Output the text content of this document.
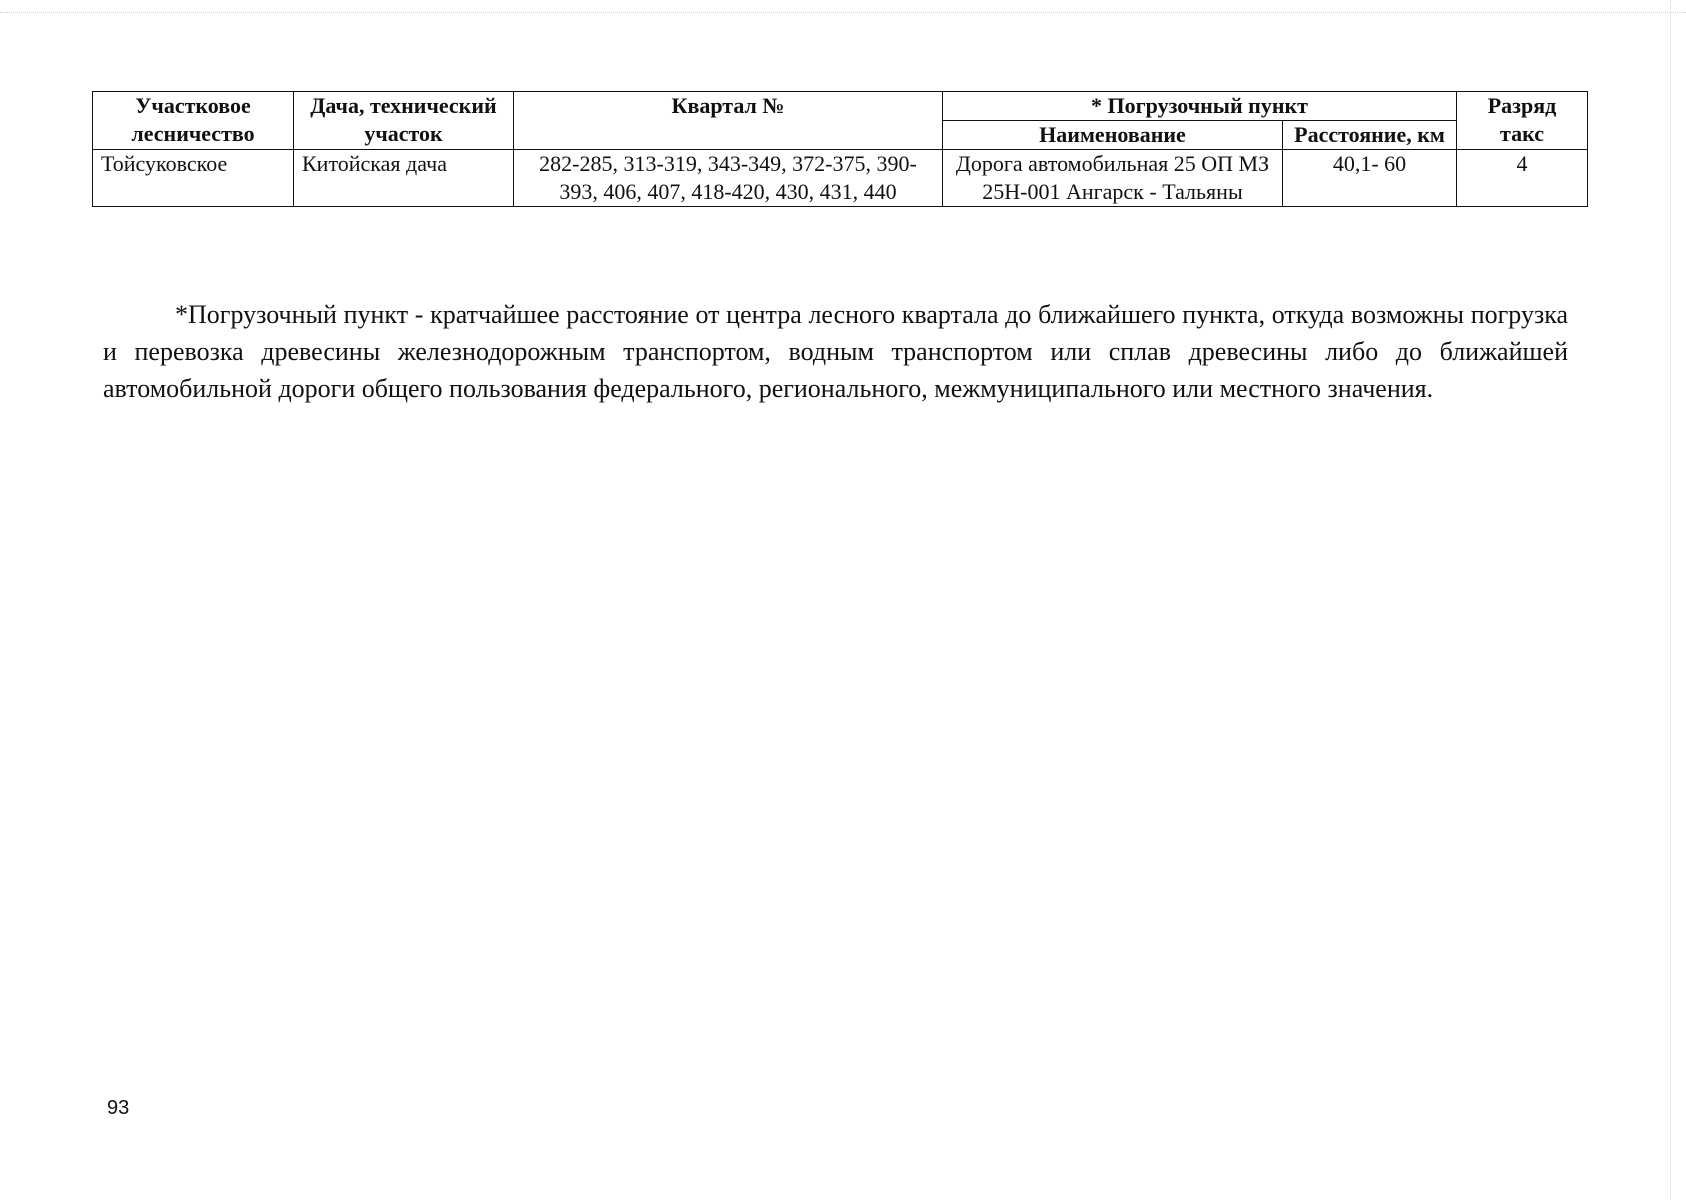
Участковое лесничество	Дача, технический участок	Квартал №	* Погрузочный пункт		Разряд такс
			Наименование	Расстояние, км	
Тойсуковское	Китойская дача	282-285, 313-319, 343-349, 372-375, 390-393, 406, 407, 418-420, 430, 431, 440	Дорога автомобильная 25 ОП МЗ 25Н-001 Ангарск - Тальяны	40,1- 60	4

*Погрузочный пункт - кратчайшее расстояние от центра лесного квартала до ближайшего пункта, откуда возможны погрузка и перевозка древесины железнодорожным транспортом, водным транспортом или сплав древесины либо до ближайшей автомобильной дороги общего пользования федерального, регионального, межмуниципального или местного значения.

93
